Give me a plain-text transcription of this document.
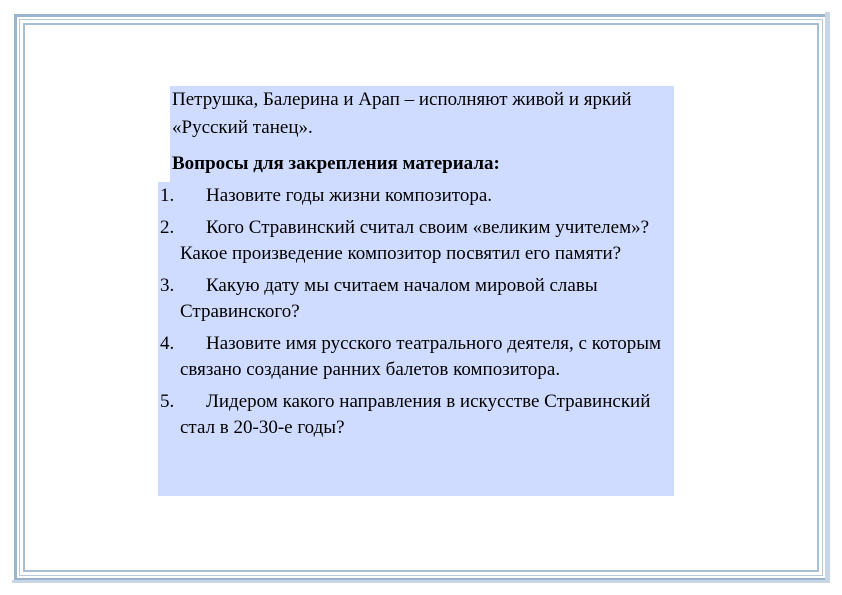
Петрушка, Балерина и Арап – исполняют живой и яркий «Русский танец».

Вопросы для закрепления материала:

1.	Назовите годы жизни композитора.
2.	Кого Стравинский считал своим «великим учителем»? Какое произведение композитор посвятил его памяти?
3.	Какую дату мы считаем началом мировой славы Стравинского?
4.	Назовите имя русского театрального деятеля, с которым связано создание ранних балетов композитора.
5.	Лидером какого направления в искусстве Стравинский стал в 20-30-е годы?
